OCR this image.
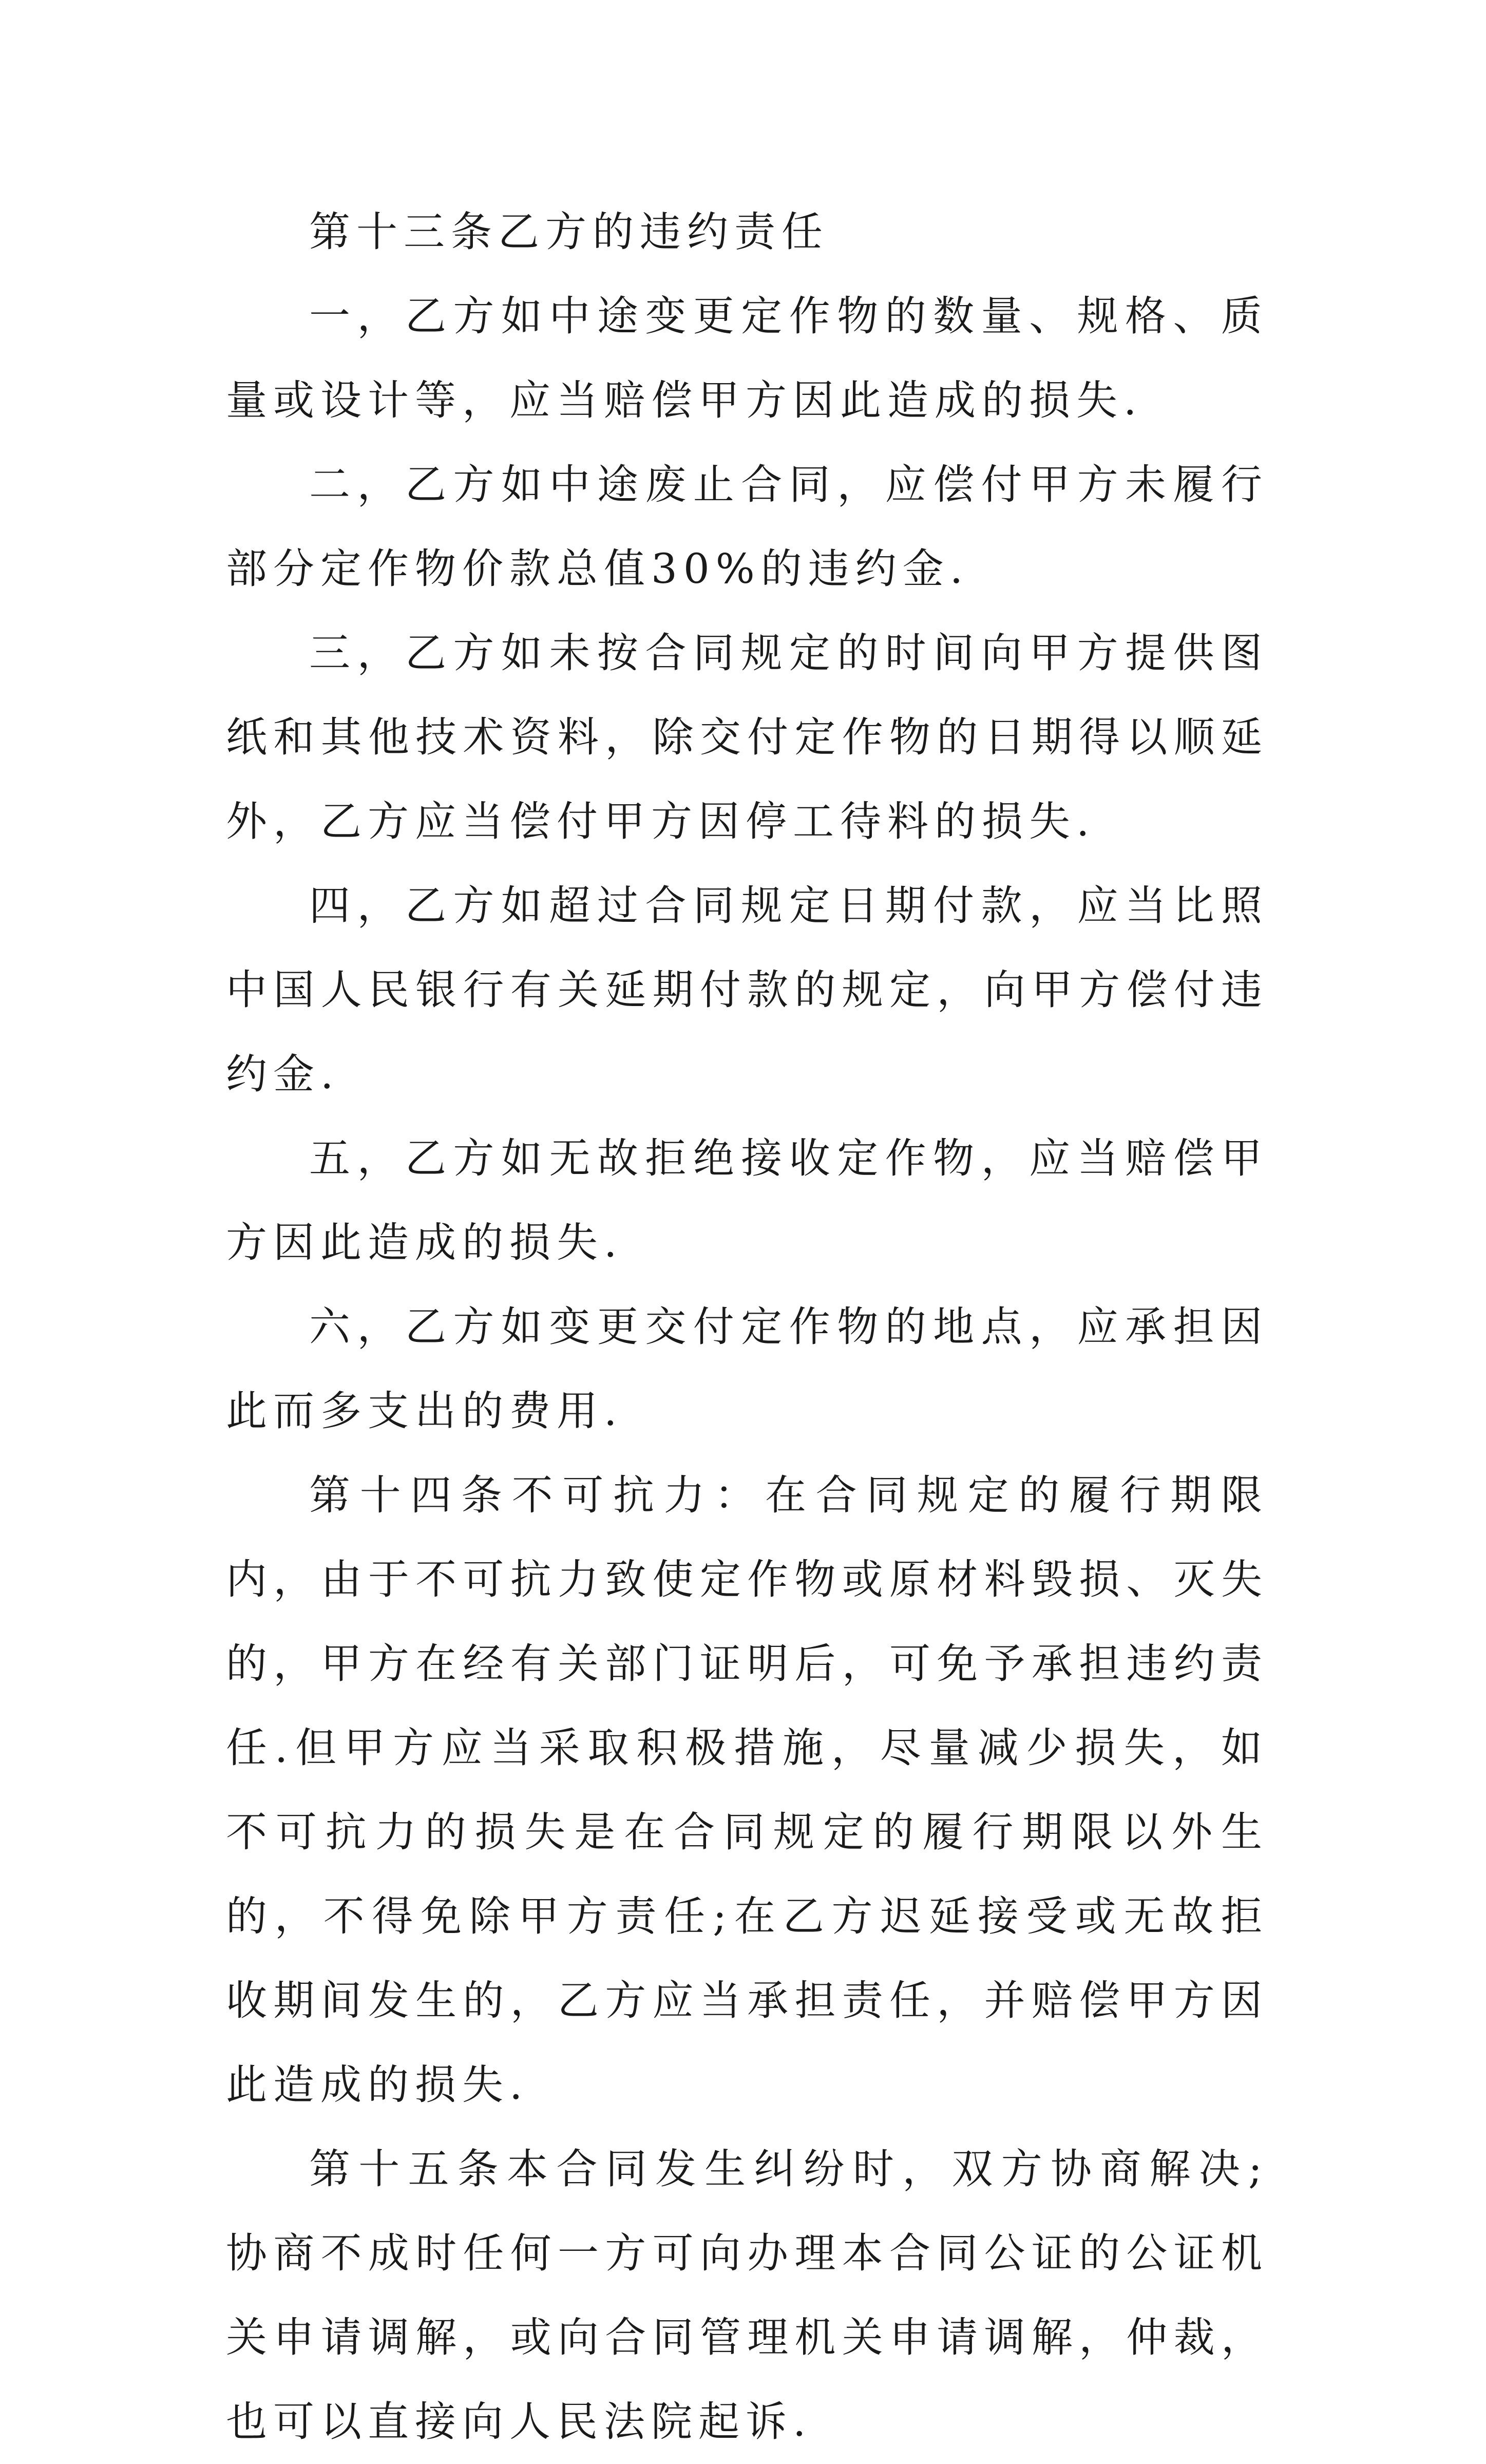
第十三条乙方的违约责任

一，乙方如中途变更定作物的数量、规格、质量或设计等，应当赔偿甲方因此造成的损失.

二，乙方如中途废止合同，应偿付甲方未履行部分定作物价款总值30%的违约金.

三，乙方如未按合同规定的时间向甲方提供图纸和其他技术资料，除交付定作物的日期得以顺延外，乙方应当偿付甲方因停工待料的损失.

四，乙方如超过合同规定日期付款，应当比照中国人民银行有关延期付款的规定，向甲方偿付违约金.

五，乙方如无故拒绝接收定作物，应当赔偿甲方因此造成的损失.

六，乙方如变更交付定作物的地点，应承担因此而多支出的费用.

第十四条不可抗力：在合同规定的履行期限内，由于不可抗力致使定作物或原材料毁损、灭失的，甲方在经有关部门证明后，可免予承担违约责任.但甲方应当采取积极措施，尽量减少损失，如不可抗力的损失是在合同规定的履行期限以外生的，不得免除甲方责任;在乙方迟延接受或无故拒收期间发生的，乙方应当承担责任，并赔偿甲方因此造成的损失.

第十五条本合同发生纠纷时，双方协商解决;协商不成时任何一方可向办理本合同公证的公证机关申请调解，或向合同管理机关申请调解，仲裁，也可以直接向人民法院起诉.
